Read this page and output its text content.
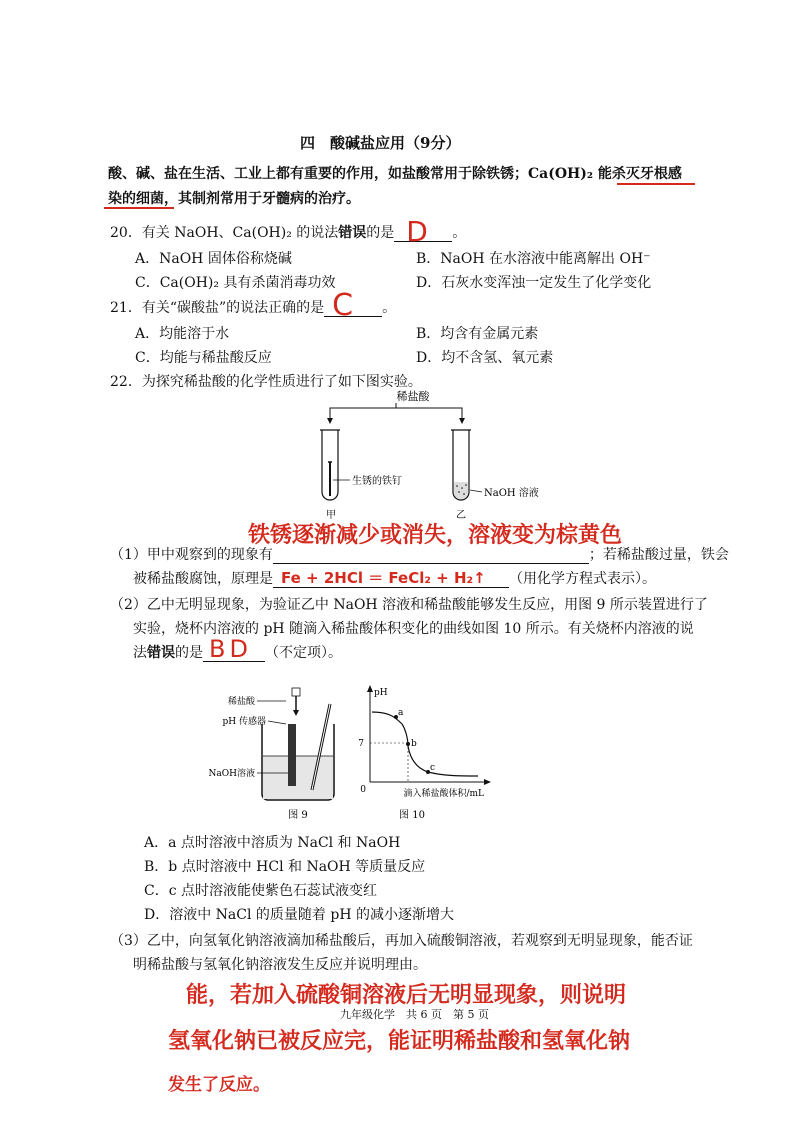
四　酸碱盐应用（9分）
酸、碱、盐在生活、工业上都有重要的作用，如盐酸常用于除铁锈；Ca(OH)₂ 能杀灭牙根感
染的细菌，其制剂常用于牙髓病的治疗。
20．有关 NaOH、Ca(OH)₂ 的说法错误的是 D 。
A．NaOH 固体俗称烧碱	B．NaOH 在水溶液中能离解出 OH⁻
C．Ca(OH)₂ 具有杀菌消毒功效	D．石灰水变浑浊一定发生了化学变化
21．有关“碳酸盐”的说法正确的是 C 。
A．均能溶于水	B．均含有金属元素
C．均能与稀盐酸反应	D．均不含氢、氧元素
22．为探究稀盐酸的化学性质进行了如下图实验。
稀盐酸
生锈的铁钉
NaOH 溶液
甲	乙
铁锈逐渐减少或消失，溶液变为棕黄色
（1）甲中观察到的现象有	；若稀盐酸过量，铁会
被稀盐酸腐蚀，原理是 Fe + 2HCl ＝ FeCl₂ + H₂↑ （用化学方程式表示）。
（2）乙中无明显现象，为验证乙中 NaOH 溶液和稀盐酸能够发生反应，用图 9 所示装置进行了
实验，烧杯内溶液的 pH 随滴入稀盐酸体积变化的曲线如图 10 所示。有关烧杯内溶液的说
法错误的是 BD （不定项）。
稀盐酸
pH 传感器
NaOH溶液
图 9
pH
7
0
a
b
c
滴入稀盐酸体积/mL
图 10
A．a 点时溶液中溶质为 NaCl 和 NaOH
B．b 点时溶液中 HCl 和 NaOH 等质量反应
C．c 点时溶液能使紫色石蕊试液变红
D．溶液中 NaCl 的质量随着 pH 的减小逐渐增大
（3）乙中，向氢氧化钠溶液滴加稀盐酸后，再加入硫酸铜溶液，若观察到无明显现象，能否证
明稀盐酸与氢氧化钠溶液发生反应并说明理由。
能，若加入硫酸铜溶液后无明显现象，则说明
九年级化学　共 6 页　第 5 页
氢氧化钠已被反应完，能证明稀盐酸和氢氧化钠
发生了反应。
